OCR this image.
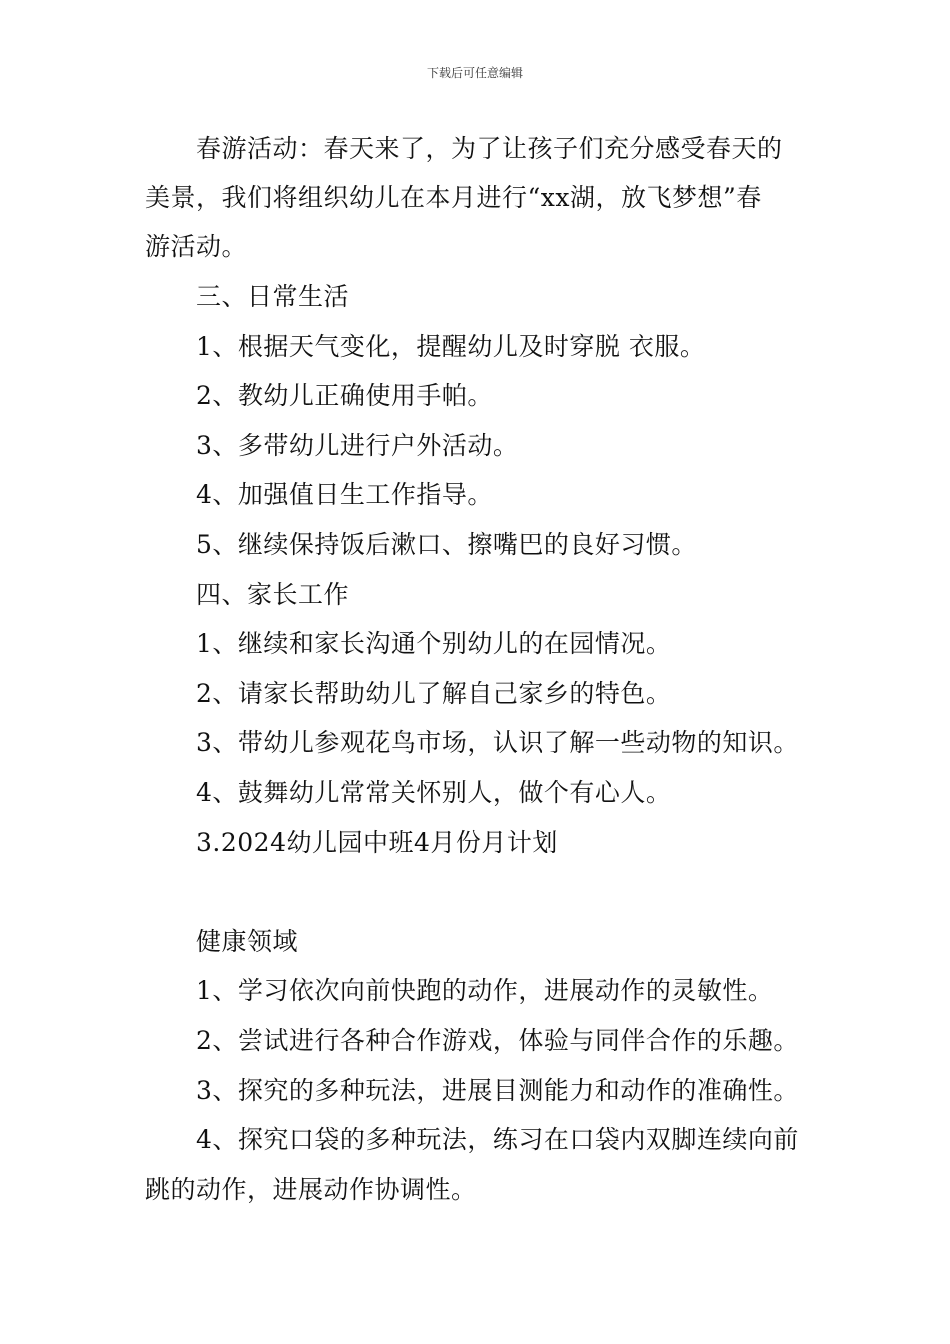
下载后可任意编辑
春游活动：春天来了，为了让孩子们充分感受春天的
美景，我们将组织幼儿在本月进行“xx湖，放飞梦想”春
游活动。
三、日常生活
1、根据天气变化，提醒幼儿及时穿脱 衣服。
2、教幼儿正确使用手帕。
3、多带幼儿进行户外活动。
4、加强值日生工作指导。
5、继续保持饭后漱口、擦嘴巴的良好习惯。
四、家长工作
1、继续和家长沟通个别幼儿的在园情况。
2、请家长帮助幼儿了解自己家乡的特色。
3、带幼儿参观花鸟市场，认识了解一些动物的知识。
4、鼓舞幼儿常常关怀别人，做个有心人。
3.2024幼儿园中班4月份月计划
健康领域
1、学习依次向前快跑的动作，进展动作的灵敏性。
2、尝试进行各种合作游戏，体验与同伴合作的乐趣。
3、探究的多种玩法，进展目测能力和动作的准确性。
4、探究口袋的多种玩法，练习在口袋内双脚连续向前
跳的动作，进展动作协调性。
